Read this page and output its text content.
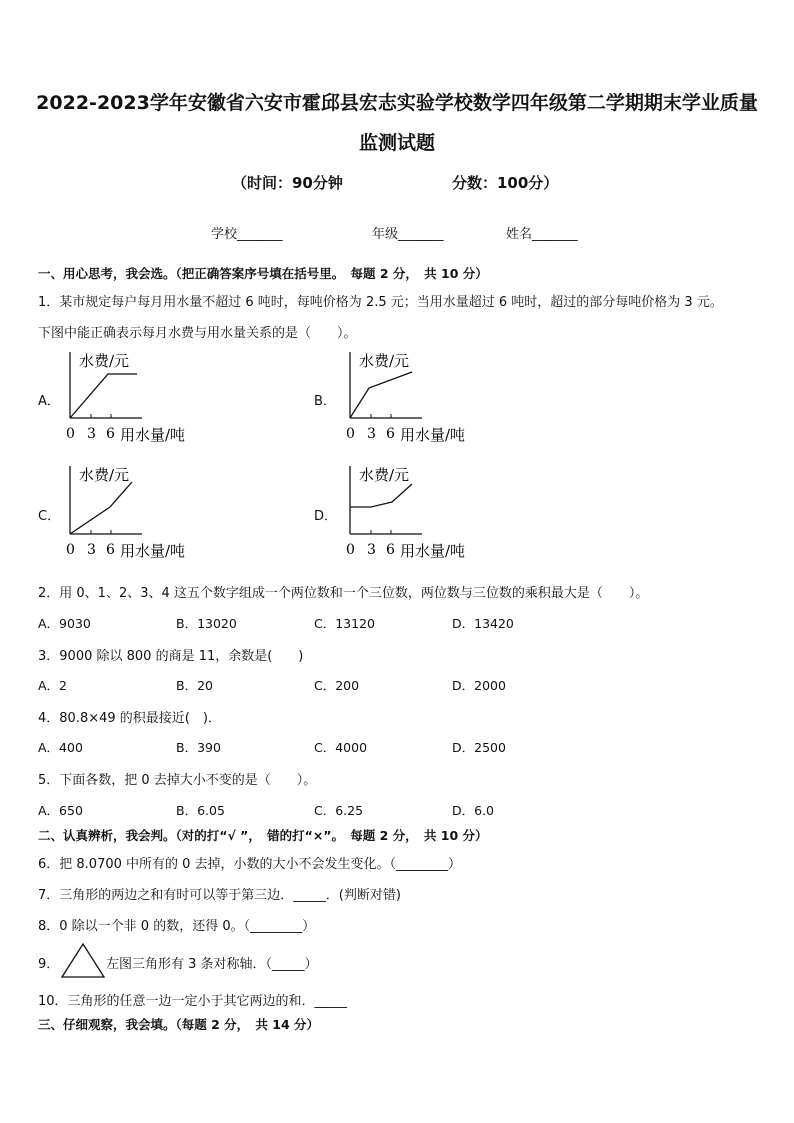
2022-2023学年安徽省六安市霍邱县宏志实验学校数学四年级第二学期期末学业质量
监测试题
（时间：90分钟	分数：100分）
学校_______	年级_______	姓名_______
一、用心思考，我会选。（把正确答案序号填在括号里。　每题 2 分，　共 10 分）
1．某市规定每户每月用水量不超过 6 吨时，每吨价格为 2.5 元；当用水量超过 6 吨时，超过的部分每吨价格为 3 元。
下图中能正确表示每月水费与用水量关系的是（　　）。
A．	B．
C．	D．
水费/元
0 3 6 用水量/吨
水费/元
0 3 6 用水量/吨
水费/元
0 3 6 用水量/吨
水费/元
0 3 6 用水量/吨
2．用 0、1、2、3、4 这五个数字组成一个两位数和一个三位数，两位数与三位数的乘积最大是（　　）。
A．9030	B．13020	C．13120	D．13420
3．9000 除以 800 的商是 11，余数是(　　)
A．2	B．20	C．200	D．2000
4．80.8×49 的积最接近(　)．
A．400	B．390	C．4000	D．2500
5．下面各数，把 0 去掉大小不变的是（　　）。
A．650	B．6.05	C．6.25	D．6.0
二、认真辨析，我会判。（对的打“√ ”，　错的打“×”。　每题 2 分，　共 10 分）
6．把 8.0700 中所有的 0 去掉，小数的大小不会发生变化。（________）
7．三角形的两边之和有时可以等于第三边．_____．(判断对错)
8．0 除以一个非 0 的数，还得 0。（________）
9．	左图三角形有 3 条对称轴．（_____）
10．三角形的任意一边一定小于其它两边的和．_____
三、仔细观察，我会填。（每题 2 分，　共 14 分）
